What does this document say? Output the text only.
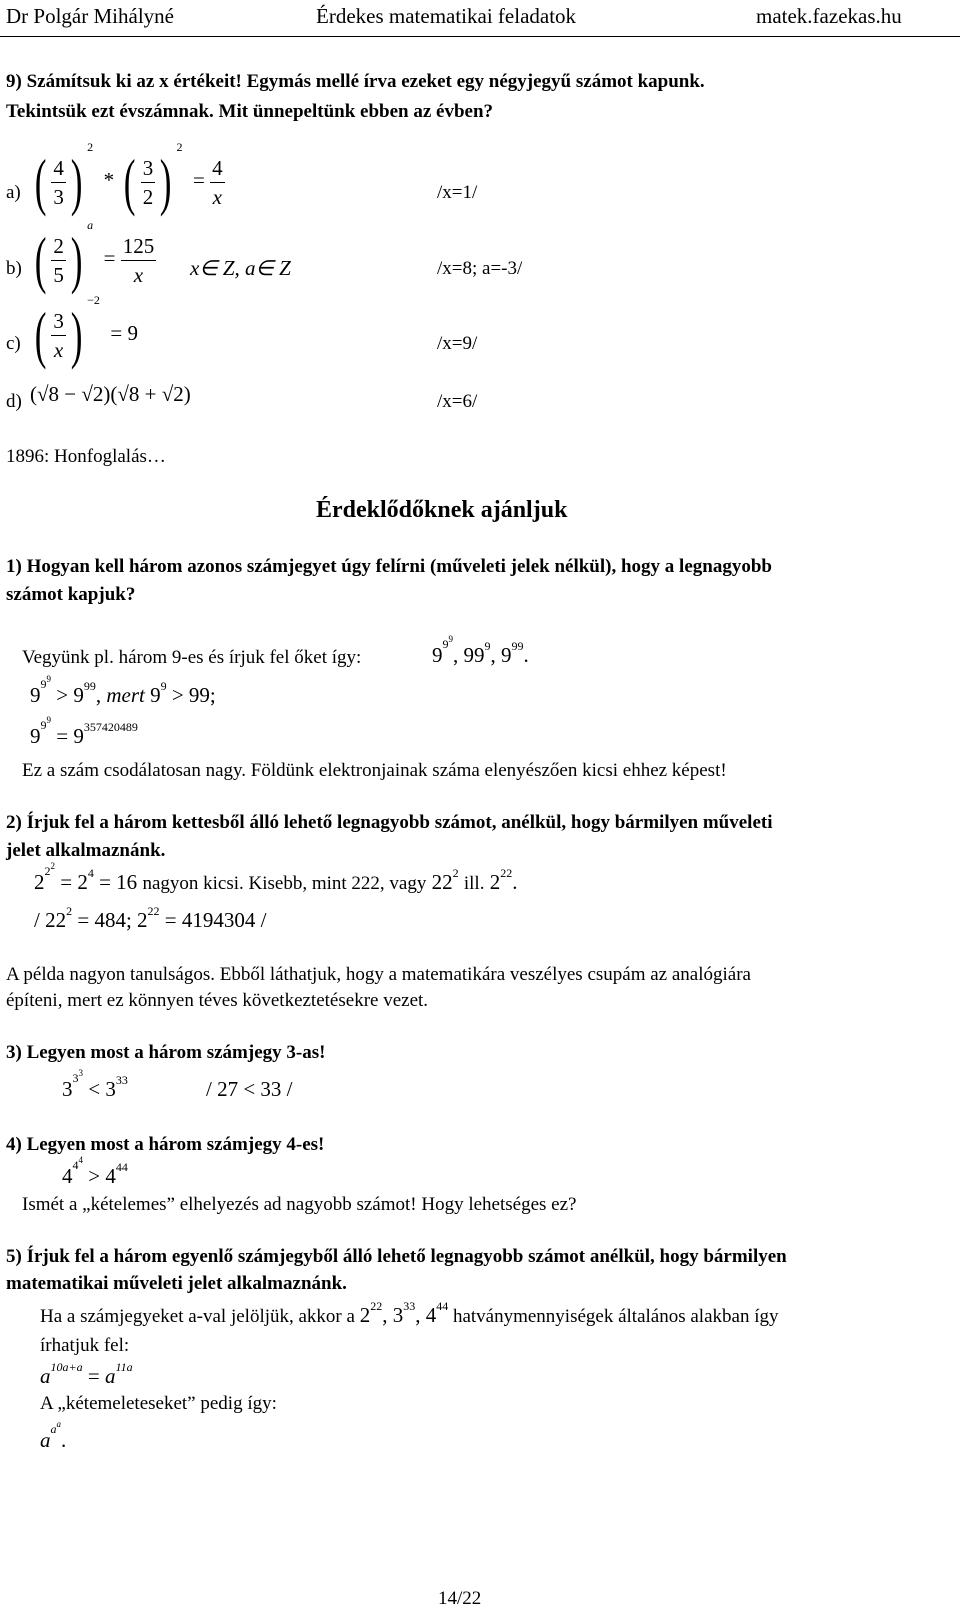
Dr Polgár Mihályné	Érdekes matematikai feladatok	matek.fazekas.hu
9) Számítsuk ki az x értékeit! Egymás mellé írva ezeket egy négyjegyű számot kapunk.
Tekintsük ezt évszámnak. Mit ünnepeltünk ebben az évben?
a) ( $\frac{4}{3}$ ) $^2$  * ( $\frac{3}{2}$ ) $^2 = \frac{4}{x}$	/x=1/
b) ( $\frac{2}{5}$ ) $^a = \frac{125}{x}$ x∈ Z, a∈ Z	/x=8; a=-3/
c) ( $\frac{3}{x}$ ) $^{-2}$  = 9	/x=9/
d) (√8 − √2)(√8 + √2)	/x=6/
1896: Honfoglalás…
Érdeklődőknek ajánljuk
1) Hogyan kell három azonos számjegyet úgy felírni (műveleti jelek nélkül), hogy a legnagyobb
számot kapjuk?
Vegyünk pl. három 9-es és írjuk fel őket így:	$9^{9^9}$, $99^9$, $9^{99}$.
$9^{9^9} > 9^{99}$, mert $9^9 > 99$;
$9^{9^9} = 9^{357420489}$
Ez a szám csodálatosan nagy. Földünk elektronjainak száma elenyészően kicsi ehhez képest!
2) Írjuk fel a három kettesből álló lehető legnagyobb számot, anélkül, hogy bármilyen műveleti
jelet alkalmaznánk.
$2^{2^2} = 2^4 = 16$ nagyon kicsi. Kisebb, mint 222, vagy $22^2$ ill. $2^{22}$.
/ $22^2 = 484$; $2^{22} = 4194304$ /
A példa nagyon tanulságos. Ebből láthatjuk, hogy a matematikára veszélyes csupám az analógiára
építeni, mert ez könnyen téves következtetésekre vezet.
3) Legyen most a három számjegy 3-as!
$3^{3^3} < 3^{33}$	/ 27 < 33 /
4) Legyen most a három számjegy 4-es!
$4^{4^4} > 4^{44}$
Ismét a „kételemes” elhelyezés ad nagyobb számot! Hogy lehetséges ez?
5) Írjuk fel a három egyenlő számjegyből álló lehető legnagyobb számot anélkül, hogy bármilyen
matematikai műveleti jelet alkalmaznánk.
Ha a számjegyeket a-val jelöljük, akkor a $2^{22}$, $3^{33}$, $4^{44}$ hatványmennyiségek általános alakban így
írhatjuk fel:
$a^{10a+a} = a^{11a}$
A „kétemeleteseket” pedig így:
$a^{a^a}$.
14/22
